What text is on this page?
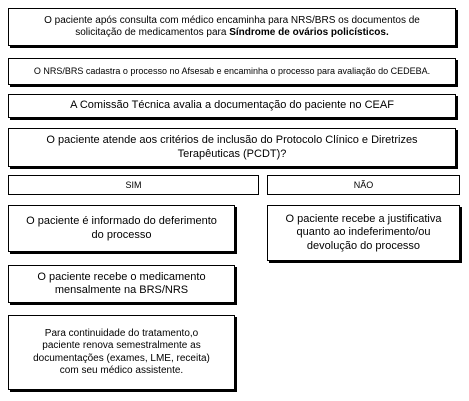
O paciente após consulta com médico encaminha para NRS/BRS os documentos de
solicitação de medicamentos para Síndrome de ovários policísticos.
O NRS/BRS cadastra o processo no Afsesab e encaminha o processo para avaliação do CEDEBA.
A Comissão Técnica avalia a documentação do paciente no CEAF
O paciente atende aos critérios de inclusão do Protocolo Clínico e Diretrizes Terapêuticas (PCDT)?
SIM	NÃO
O paciente é informado do deferimento do processo
O paciente recebe a justificativa quanto ao indeferimento/ou devolução do processo
O paciente recebe o medicamento mensalmente na BRS/NRS
Para continuidade do tratamento,o paciente renova semestralmente as documentações (exames, LME, receita) com seu médico assistente.
